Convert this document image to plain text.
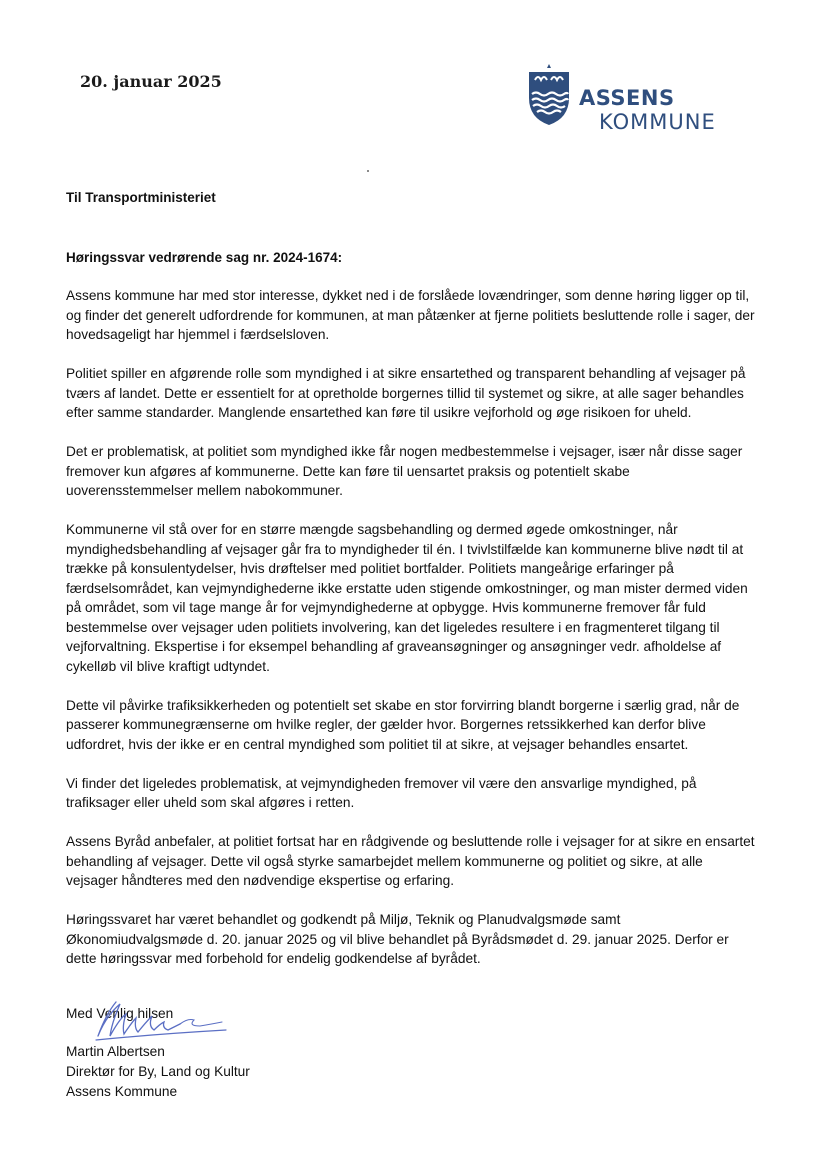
20. januar 2025
ASSENS
KOMMUNE
Til Transportministeriet
Høringssvar vedrørende sag nr. 2024-1674:

Assens kommune har med stor interesse, dykket ned i de forslåede lovændringer, som denne høring ligger op til, og finder det generelt udfordrende for kommunen, at man påtænker at fjerne politiets besluttende rolle i sager, der hovedsageligt har hjemmel i færdselsloven.

Politiet spiller en afgørende rolle som myndighed i at sikre ensartethed og transparent behandling af vejsager på tværs af landet. Dette er essentielt for at opretholde borgernes tillid til systemet og sikre, at alle sager behandles efter samme standarder. Manglende ensartethed kan føre til usikre vejforhold og øge risikoen for uheld.

Det er problematisk, at politiet som myndighed ikke får nogen medbestemmelse i vejsager, især når disse sager fremover kun afgøres af kommunerne. Dette kan føre til uensartet praksis og potentielt skabe uoverensstemmelser mellem nabokommuner.

Kommunerne vil stå over for en større mængde sagsbehandling og dermed øgede omkostninger, når myndighedsbehandling af vejsager går fra to myndigheder til én. I tvivlstilfælde kan kommunerne blive nødt til at trække på konsulentydelser, hvis drøftelser med politiet bortfalder. Politiets mangeårige erfaringer på færdselsområdet, kan vejmyndighederne ikke erstatte uden stigende omkostninger, og man mister dermed viden på området, som vil tage mange år for vejmyndighederne at opbygge. Hvis kommunerne fremover får fuld bestemmelse over vejsager uden politiets involvering, kan det ligeledes resultere i en fragmenteret tilgang til vejforvaltning. Ekspertise i for eksempel behandling af graveansøgninger og ansøgninger vedr. afholdelse af cykelløb vil blive kraftigt udtyndet.

Dette vil påvirke trafiksikkerheden og potentielt set skabe en stor forvirring blandt borgerne i særlig grad, når de passerer kommunegrænserne om hvilke regler, der gælder hvor. Borgernes retssikkerhed kan derfor blive udfordret, hvis der ikke er en central myndighed som politiet til at sikre, at vejsager behandles ensartet.

Vi finder det ligeledes problematisk, at vejmyndigheden fremover vil være den ansvarlige myndighed, på trafiksager eller uheld som skal afgøres i retten.

Assens Byråd anbefaler, at politiet fortsat har en rådgivende og besluttende rolle i vejsager for at sikre en ensartet behandling af vejsager. Dette vil også styrke samarbejdet mellem kommunerne og politiet og sikre, at alle vejsager håndteres med den nødvendige ekspertise og erfaring.

Høringssvaret har været behandlet og godkendt på Miljø, Teknik og Planudvalgsmøde samt Økonomiudvalgsmøde d. 20. januar 2025 og vil blive behandlet på Byrådsmødet d. 29. januar 2025. Derfor er dette høringssvar med forbehold for endelig godkendelse af byrådet.

Med Venlig hilsen
Martin Albertsen
Direktør for By, Land og Kultur
Assens Kommune
